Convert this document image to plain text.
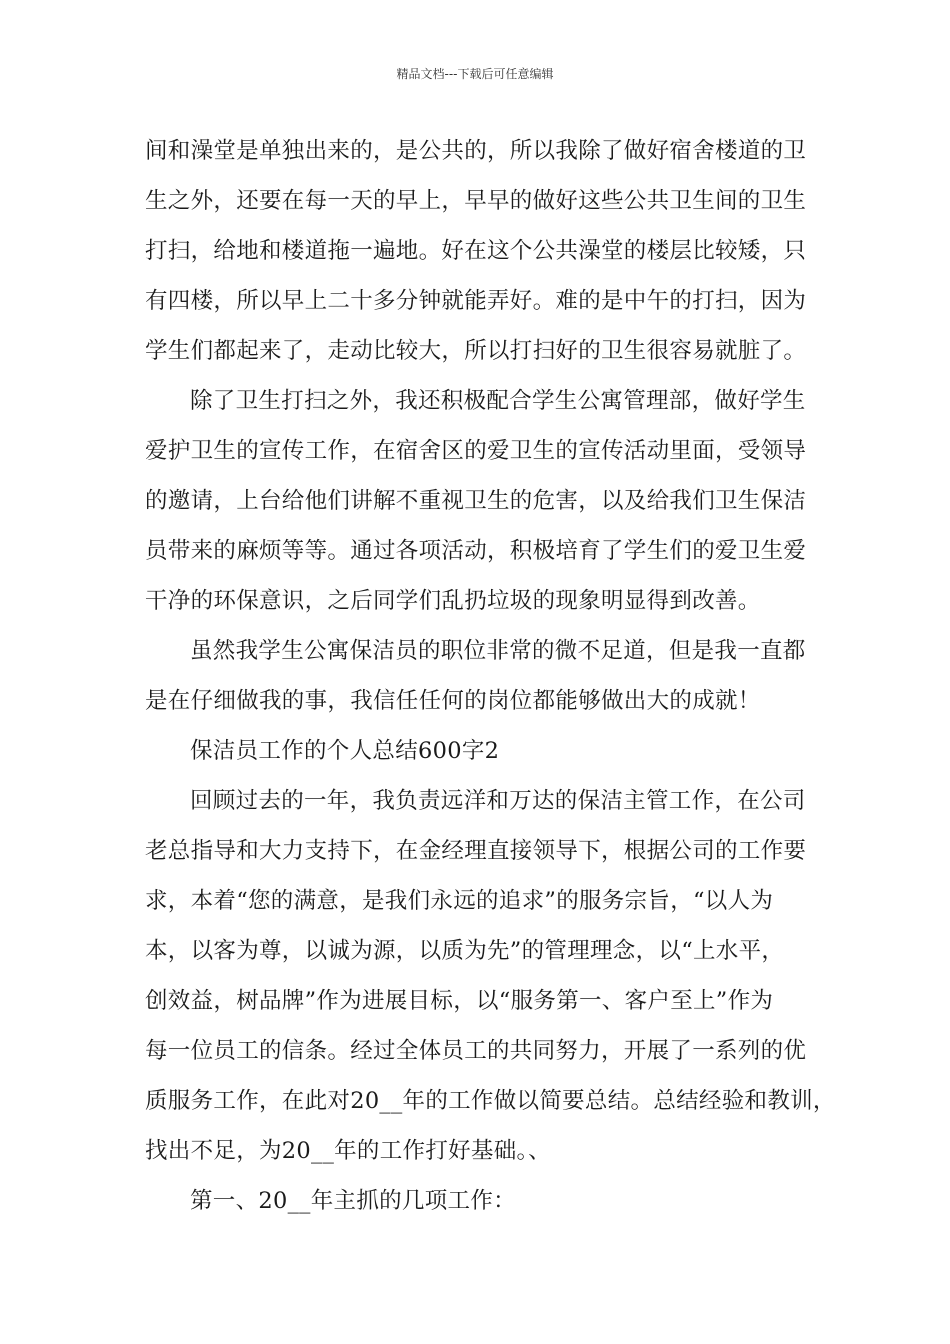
精品文档---下载后可任意编辑
间和澡堂是单独出来的，是公共的，所以我除了做好宿舍楼道的卫
生之外，还要在每一天的早上，早早的做好这些公共卫生间的卫生
打扫，给地和楼道拖一遍地。好在这个公共澡堂的楼层比较矮，只
有四楼，所以早上二十多分钟就能弄好。难的是中午的打扫，因为
学生们都起来了，走动比较大，所以打扫好的卫生很容易就脏了。
除了卫生打扫之外，我还积极配合学生公寓管理部，做好学生
爱护卫生的宣传工作，在宿舍区的爱卫生的宣传活动里面，受领导
的邀请，上台给他们讲解不重视卫生的危害，以及给我们卫生保洁
员带来的麻烦等等。通过各项活动，积极培育了学生们的爱卫生爱
干净的环保意识，之后同学们乱扔垃圾的现象明显得到改善。
虽然我学生公寓保洁员的职位非常的微不足道，但是我一直都
是在仔细做我的事，我信任任何的岗位都能够做出大的成就！
保洁员工作的个人总结600字2
回顾过去的一年，我负责远洋和万达的保洁主管工作，在公司
老总指导和大力支持下，在金经理直接领导下，根据公司的工作要
求，本着“您的满意，是我们永远的追求”的服务宗旨，“以人为
本，以客为尊，以诚为源，以质为先”的管理理念，以“上水平，
创效益，树品牌”作为进展目标，以“服务第一、客户至上”作为
每一位员工的信条。经过全体员工的共同努力，开展了一系列的优
质服务工作，在此对20__年的工作做以简要总结。总结经验和教训，
找出不足，为20__年的工作打好基础。、
第一、20__年主抓的几项工作：
